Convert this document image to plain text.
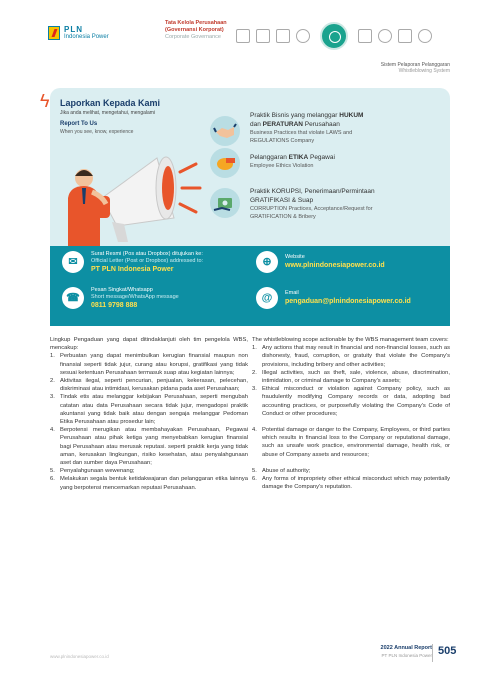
PLN
Indonesia Power
Tata Kelola Perusahaan
(Governansi Korporat)
Corporate Governance
Sistem Pelaporan Pelanggaran
Whistleblowing System
ϟ Laporkan Kepada Kami
Jika anda melihat, mengetahui, mengalami
Report To Us
When you see, know, experience
Praktik Bisnis yang melanggar HUKUM
dan PERATURAN Perusahaan
Business Practices that violate LAWS and
REGULATIONS Company
Pelanggaran ETIKA Pegawai
Employee Ethics Violation
Praktik KORUPSI, Penerimaan/Permintaan
GRATIFIKASI & Suap
CORRUPTION Practices, Acceptance/Request for
GRATIFICATION & Bribery
✉
Surat Resmi (Pos atau Dropbox) ditujukan ke:
Official Letter (Post or Dropbox) addressed to:
PT PLN Indonesia Power
☎
Pesan Singkat/Whatsapp
Short message/WhatsApp message
0811 9798 888
⊕	Website
www.plnindonesiapower.co.id
@	Email
pengaduan@plnindonesiapower.co.id

Lingkup Pengaduan yang dapat ditindaklanjuti oleh tim pengelola WBS, mencakup:

1. Perbuatan yang dapat menimbulkan kerugian finansial maupun non finansial seperti tidak jujur, curang atau korupsi, gratifikasi yang tidak sesuai ketentuan Perusahaan termasuk suap atau kegiatan lainnya;
2. Aktivitas ilegal, seperti pencurian, penjualan, kekerasan, pelecehan, diskriminasi atau intimidasi, kerusakan pidana pada aset Perusahaan;
3. Tindak etis atau melanggar kebijakan Perusahaan, seperti mengubah catatan atau data Perusahaan secara tidak jujur, mengadopsi praktik akuntansi yang tidak baik atau dengan sengaja melanggar Pedoman Etika Perusahaan atau prosedur lain;
4. Berpotensi merugikan atau membahayakan Perusahaan, Pegawai Perusahaan atau pihak ketiga yang menyebabkan kerugian finansial bagi Perusahaan atau merusak reputasi. seperti praktik kerja yang tidak aman, kerusakan lingkungan, risiko kesehatan, atau penyalahgunaan aset dan sumber daya Perusahaan;
5. Penyalahgunaan wewenang;
6. Melakukan segala bentuk ketidakwajaran dan pelanggaran etika lainnya yang berpotensi mencemarkan reputasi Perusahaan.

The whistleblowing scope actionable by the WBS management team covers:

1. Any actions that may result in financial and non-financial losses, such as dishonesty, fraud, corruption, or gratuity that violate the Company's provisions, including bribery and other activities;
2. Illegal activities, such as theft, sale, violence, abuse, discrimination, intimidation, or criminal damage to Company's assets;
3. Ethical misconduct or violation against Company policy, such as fraudulently modifying Company records or data, adopting bad accounting practices, or purposefully violating the Company's Code of Conduct or other procedures;
4. Potential damage or danger to the Company, Employees, or third parties which results in financial loss to the Company or reputational damage, such as unsafe work practice, environmental damage, health risk, or abuse of Company assets and resources;
5. Abuse of authority;
6. Any forms of impropriety other ethical misconduct which may potentially damage the Company's reputation.
www.plnindonesiapower.co.id
2022 Annual Report
PT PLN Indonesia Power 505
